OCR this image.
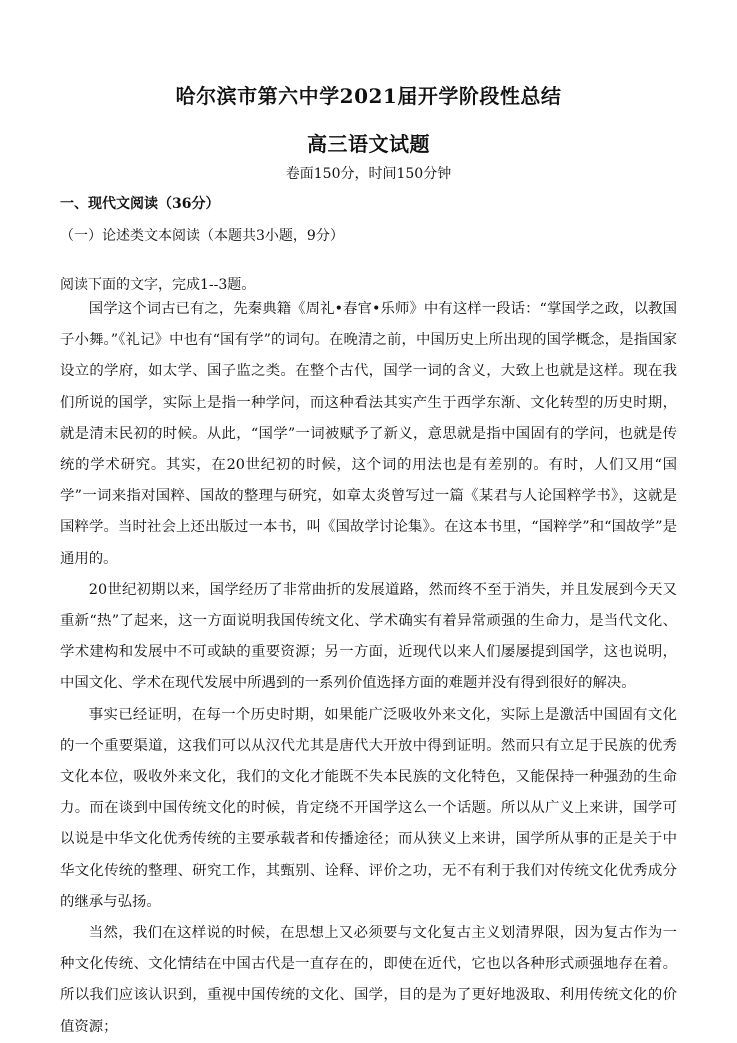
哈尔滨市第六中学2021届开学阶段性总结
高三语文试题
卷面150分，时间150分钟
一、现代文阅读（36分）
（一）论述类文本阅读（本题共3小题，9分）
阅读下面的文字，完成1--3题。

国学这个词古已有之，先秦典籍《周礼•春官•乐师》中有这样一段话：“掌国学之政，以教国子小舞。”《礼记》中也有“国有学”的词句。在晚清之前，中国历史上所出现的国学概念，是指国家设立的学府，如太学、国子监之类。在整个古代，国学一词的含义，大致上也就是这样。现在我们所说的国学，实际上是指一种学问，而这种看法其实产生于西学东渐、文化转型的历史时期，就是清末民初的时候。从此，“国学”一词被赋予了新义，意思就是指中国固有的学问，也就是传统的学术研究。其实，在20世纪初的时候，这个词的用法也是有差别的。有时，人们又用“国学”一词来指对国粹、国故的整理与研究，如章太炎曾写过一篇《某君与人论国粹学书》，这就是国粹学。当时社会上还出版过一本书，叫《国故学讨论集》。在这本书里，“国粹学”和“国故学”是通用的。

20世纪初期以来，国学经历了非常曲折的发展道路，然而终不至于消失，并且发展到今天又重新“热”了起来，这一方面说明我国传统文化、学术确实有着异常顽强的生命力，是当代文化、学术建构和发展中不可或缺的重要资源；另一方面，近现代以来人们屡屡提到国学，这也说明，中国文化、学术在现代发展中所遇到的一系列价值选择方面的难题并没有得到很好的解决。

事实已经证明，在每一个历史时期，如果能广泛吸收外来文化，实际上是激活中国固有文化的一个重要渠道，这我们可以从汉代尤其是唐代大开放中得到证明。然而只有立足于民族的优秀文化本位，吸收外来文化，我们的文化才能既不失本民族的文化特色，又能保持一种强劲的生命力。而在谈到中国传统文化的时候，肯定绕不开国学这么一个话题。所以从广义上来讲，国学可以说是中华文化优秀传统的主要承载者和传播途径；而从狭义上来讲，国学所从事的正是关于中华文化传统的整理、研究工作，其甄别、诠释、评价之功，无不有利于我们对传统文化优秀成分的继承与弘扬。

当然，我们在这样说的时候，在思想上又必须要与文化复古主义划清界限，因为复古作为一种文化传统、文化情结在中国古代是一直存在的，即使在近代，它也以各种形式顽强地存在着。所以我们应该认识到，重视中国传统的文化、国学，目的是为了更好地汲取、利用传统文化的价值资源；
